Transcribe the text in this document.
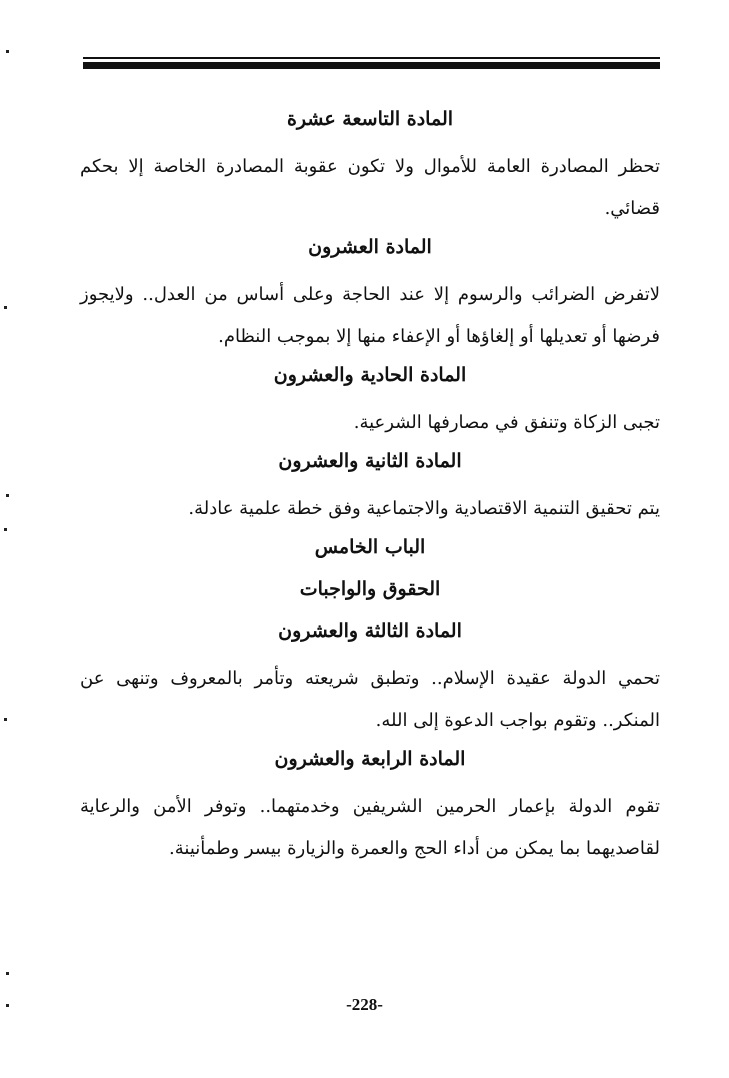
المادة التاسعة عشرة

تحظر المصادرة العامة للأموال ولا تكون عقوبة المصادرة الخاصة إلا بحكم قضائي.

المادة العشرون

لاتفرض الضرائب والرسوم إلا عند الحاجة وعلى أساس من العدل.. ولايجوز فرضها أو تعديلها أو إلغاؤها أو الإعفاء منها إلا بموجب النظام.

المادة الحادية والعشرون

تجبى الزكاة وتنفق في مصارفها الشرعية.

المادة الثانية والعشرون

يتم تحقيق التنمية الاقتصادية والاجتماعية وفق خطة علمية عادلة.

الباب الخامس
الحقوق والواجبات
المادة الثالثة والعشرون

تحمي الدولة عقيدة الإسلام.. وتطبق شريعته وتأمر بالمعروف وتنهى عن المنكر.. وتقوم بواجب الدعوة إلى الله.

المادة الرابعة والعشرون

تقوم الدولة بإعمار الحرمين الشريفين وخدمتهما.. وتوفر الأمن والرعاية لقاصديهما بما يمكن من أداء الحج والعمرة والزيارة بيسر وطمأنينة.

-228-
